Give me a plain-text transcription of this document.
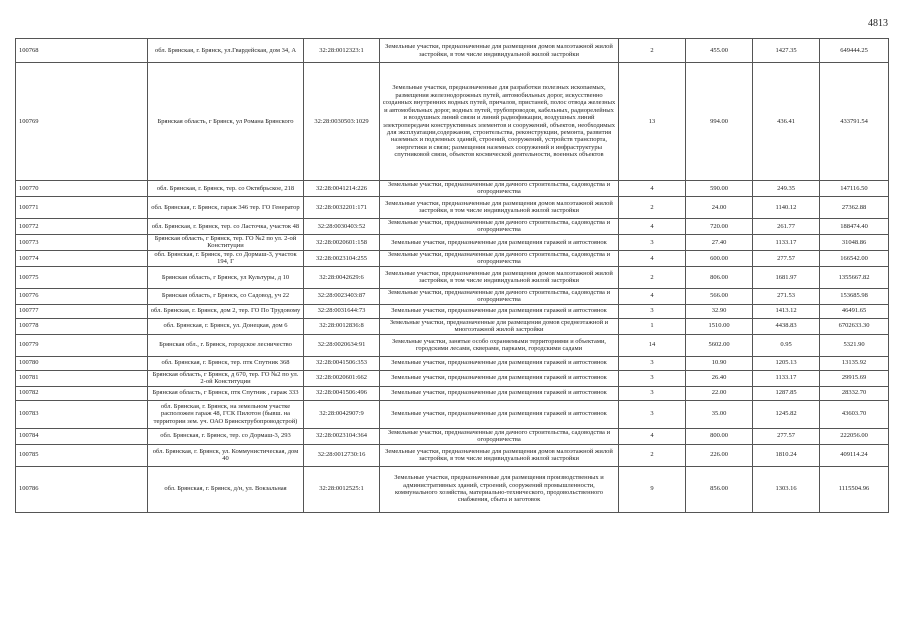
4813
100768	обл. Брянская, г. Брянск, ул.Гвардейская, дом 34, А	32:28:0012323:1	Земельные участки, предназначенные для размещения домов малоэтажной жилой застройки, в том числе индивидуальной жилой застройки	2	455.00	1427.35	649444.25
100769	Брянская область, г Брянск, ул Романа Брянского	32:28:0030503:1029	Земельные участки, предназначенные для разработки полезных ископаемых, размещения железнодорожных путей, автомобильных дорог, искусственно созданных внутренних водных путей, причалов, пристаней, полос отвода железных и автомобильных дорог, водных путей, трубопроводов, кабельных, радиорелейных и воздушных линий связи и линий радиофикации, воздушных линий электропередачи конструктивных элементов и сооружений, объектов, необходимых для эксплуатации,содержания, строительства, реконструкции, ремонта, развития наземных и подземных зданий, строений, сооружений, устройств транспорта, энергетики и связи; размещения наземных сооружений и инфраструктуры спутниковой связи, объектов космической деятельности, военных объектов	13	994.00	436.41	433791.54
100770	обл. Брянская, г. Брянск, тер. со Октябрьское, 218	32:28:0041214:226	Земельные участки, предназначенные для дачного строительства, садоводства и огородничества	4	590.00	249.35	147116.50
100771	обл. Брянская, г. Брянск, гараж 346 тер. ГО Генератор	32:28:0032201:171	Земельные участки, предназначенные для размещения домов малоэтажной жилой застройки, в том числе индивидуальной жилой застройки	2	24.00	1140.12	27362.88
100772	обл. Брянская, г. Брянск, тер. со Ласточка, участок 48	32:28:0030403:52	Земельные участки, предназначенные для дачного строительства, садоводства и огородничества	4	720.00	261.77	188474.40
100773	Брянская область, г Брянск, тер. ГО №2 по ул. 2-ой Конституции	32:28:0020601:158	Земельные участки, предназначенные для размещения гаражей и автостоянок	3	27.40	1133.17	31048.86
100774	обл. Брянская, г. Брянск, тер. со Дормаш-3, участок 194, Г	32:28:0023104:255	Земельные участки, предназначенные для дачного строительства, садоводства и огородничества	4	600.00	277.57	166542.00
100775	Брянская область, г Брянск, ул Культуры, д 10	32:28:0042629:6	Земельные участки, предназначенные для размещения домов малоэтажной жилой застройки, в том числе индивидуальной жилой застройки	2	806.00	1681.97	1355667.82
100776	Брянская область, г Брянск, со Садовод, уч 22	32:28:0023403:87	Земельные участки, предназначенные для дачного строительства, садоводства и огородничества	4	566.00	271.53	153685.98
100777	обл. Брянская, г. Брянск, дом 2, тер. ГО По Трудовому	32:28:0031644:73	Земельные участки, предназначенные для размещения гаражей и автостоянок	3	32.90	1413.12	46491.65
100778	обл. Брянская, г. Брянск, ул. Донецкая, дом 6	32:28:0012836:8	Земельные участки, предназначенные для размещения домов среднеэтажной и многоэтажной жилой застройки	1	1510.00	4438.83	6702633.30
100779	Брянская обл., г. Брянск, городское лесничество	32:28:0020634:91	Земельные участки, занятые особо охраняемыми территориями и объектами, городскими лесами, скверами, парками, городскими садами	14	5602.00	0.95	5321.90
100780	обл. Брянская, г. Брянск, тер. птк Спутник 368	32:28:0041506:353	Земельные участки, предназначенные для размещения гаражей и автостоянок	3	10.90	1205.13	13135.92
100781	Брянская область, г Брянск, д 670, тер. ГО №2 по ул. 2-ой Конституции	32:28:0020601:662	Земельные участки, предназначенные для размещения гаражей и автостоянок	3	26.40	1133.17	29915.69
100782	Брянская область, г Брянск, птк Спутник , гараж 333	32:28:0041506:496	Земельные участки, предназначенные для размещения гаражей и автостоянок	3	22.00	1287.85	28332.70
100783	обл. Брянская, г. Брянск, на земельном участке расположен гараж 48, ГСК Пилотон (бывш. на территории зем. уч. ОАО Брянсктрубопроводстрой)	32:28:0042907:9	Земельные участки, предназначенные для размещения гаражей и автостоянок	3	35.00	1245.82	43603.70
100784	обл. Брянская, г. Брянск, тер. со Дормаш-3, 293	32:28:0023104:364	Земельные участки, предназначенные для дачного строительства, садоводства и огородничества	4	800.00	277.57	222056.00
100785	обл. Брянская, г. Брянск, ул. Коммунистическая, дом 40	32:28:0012730:16	Земельные участки, предназначенные для размещения домов малоэтажной жилой застройки, в том числе индивидуальной жилой застройки	2	226.00	1810.24	409114.24
100786	обл. Брянская, г. Брянск, д/н, ул. Вокзальная	32:28:0012525:1	Земельные участки, предназначенные для размещения производственных и административных зданий, строений, сооружений промышленности, коммунального хозяйства, материально-технического, продовольственного снабжения, сбыта и заготовок	9	856.00	1303.16	1115504.96
